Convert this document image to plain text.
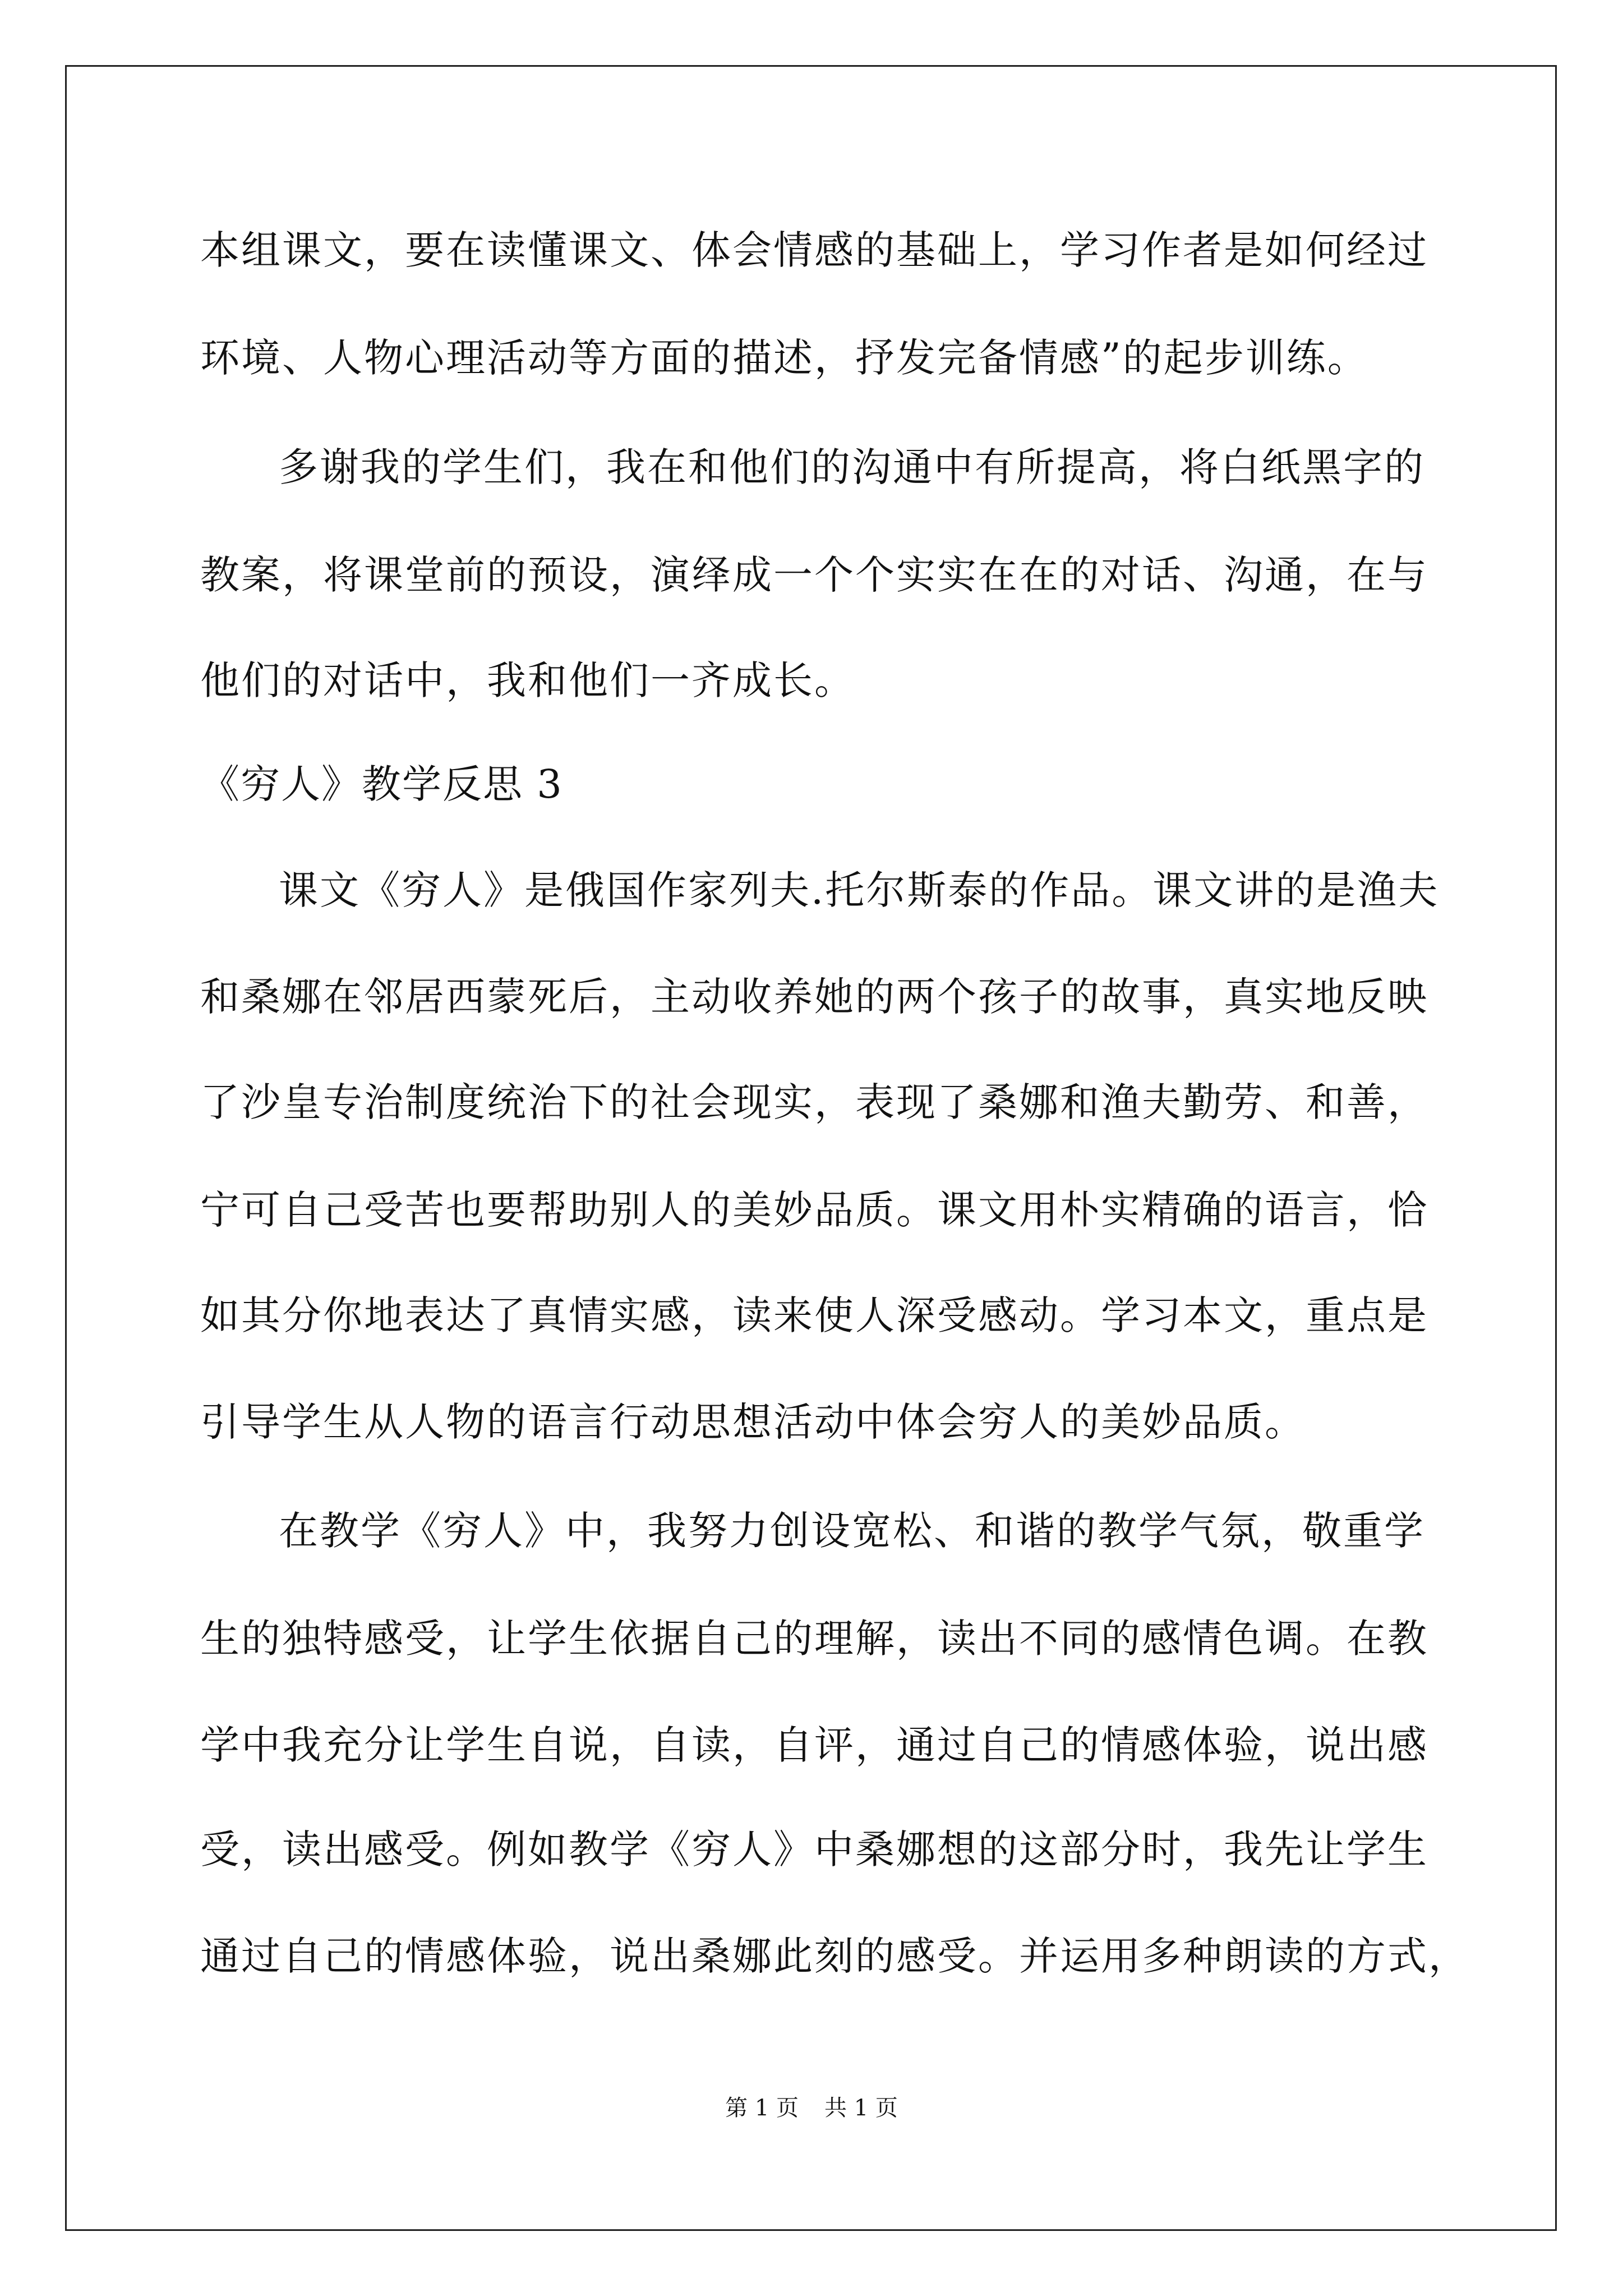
本组课文，要在读懂课文、体会情感的基础上，学习作者是如何经过
环境、人物心理活动等方面的描述，抒发完备情感”的起步训练。
多谢我的学生们，我在和他们的沟通中有所提高，将白纸黑字的
教案，将课堂前的预设，演绎成一个个实实在在的对话、沟通，在与
他们的对话中，我和他们一齐成长。
《穷人》教学反思 3
课文《穷人》是俄国作家列夫.托尔斯泰的作品。课文讲的是渔夫
和桑娜在邻居西蒙死后，主动收养她的两个孩子的故事，真实地反映
了沙皇专治制度统治下的社会现实，表现了桑娜和渔夫勤劳、和善，
宁可自己受苦也要帮助别人的美妙品质。课文用朴实精确的语言，恰
如其分你地表达了真情实感，读来使人深受感动。学习本文，重点是
引导学生从人物的语言行动思想活动中体会穷人的美妙品质。
在教学《穷人》中，我努力创设宽松、和谐的教学气氛，敬重学
生的独特感受，让学生依据自己的理解，读出不同的感情色调。在教
学中我充分让学生自说，自读，自评，通过自己的情感体验，说出感
受，读出感受。例如教学《穷人》中桑娜想的这部分时，我先让学生
通过自己的情感体验，说出桑娜此刻的感受。并运用多种朗读的方式，
第 1 页 共 1 页
